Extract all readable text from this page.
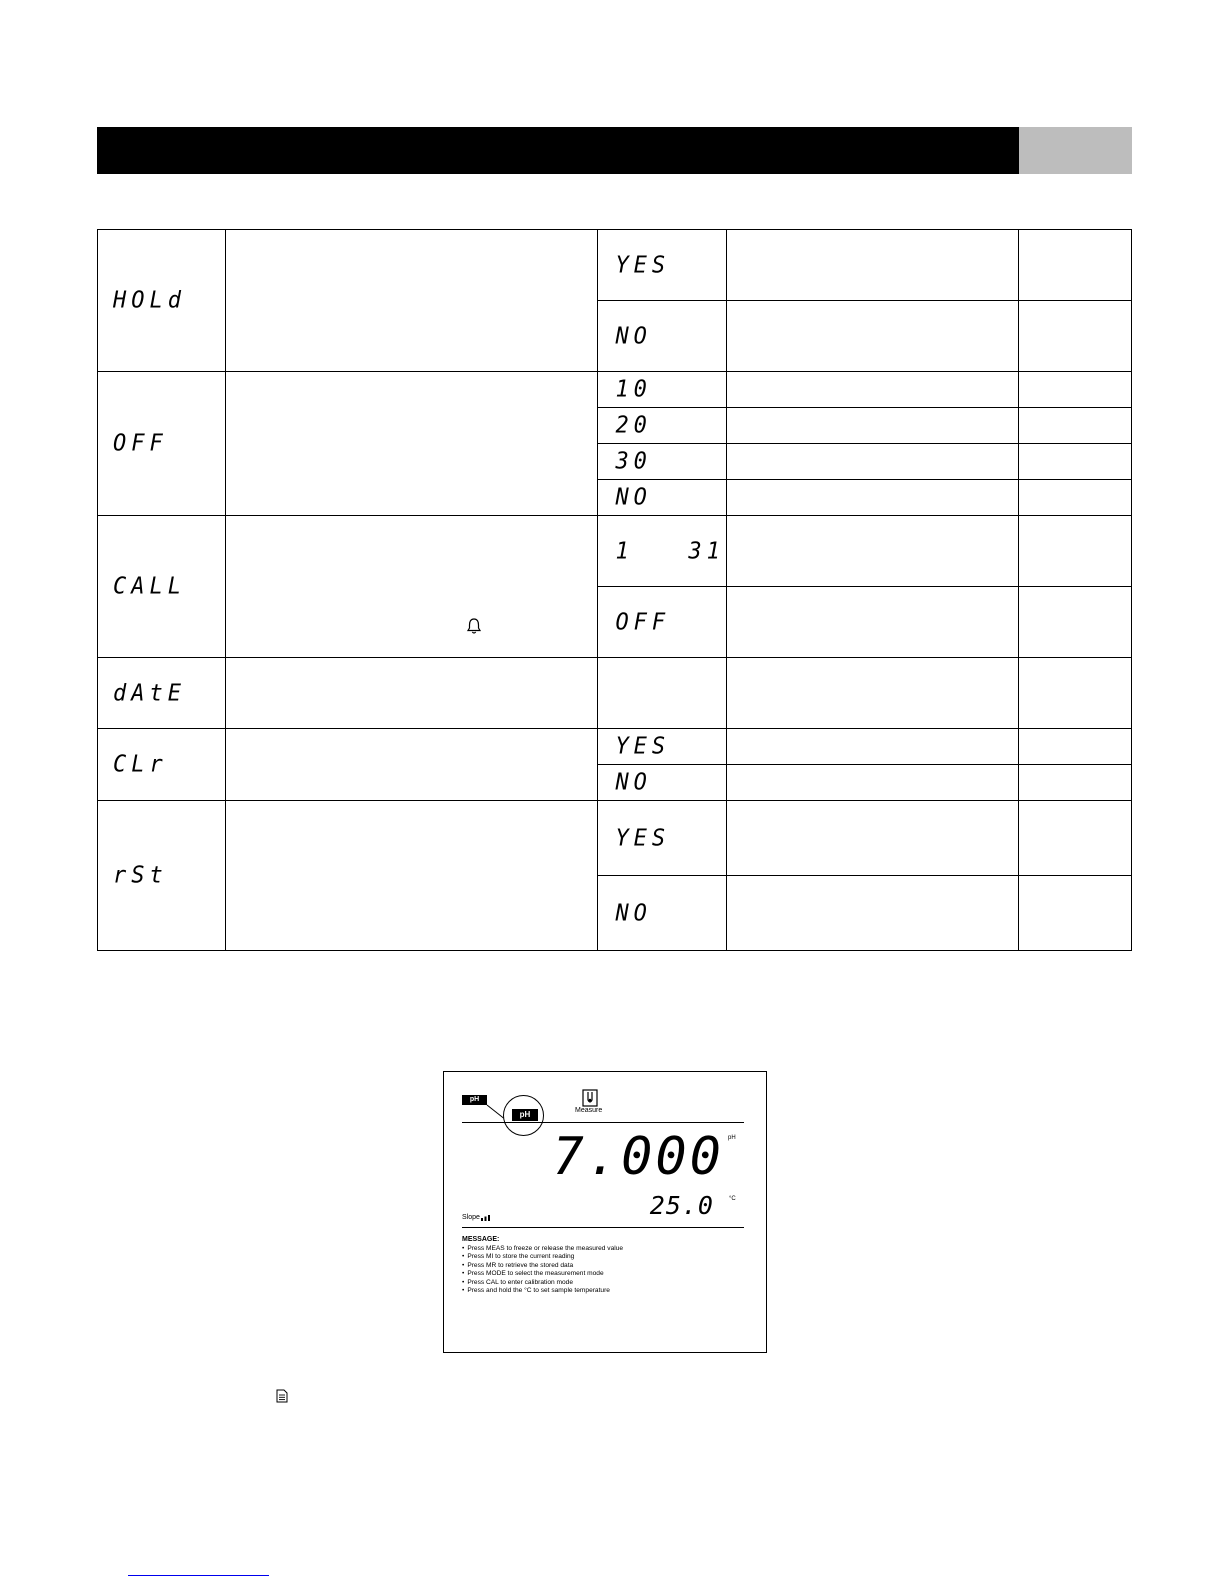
HOLd		YES		
		NO		
OFF		10		
		20		
		30		
		NO		
CALL		1   31		
		OFF		
dAtE				
CLr		YES		
		NO		
rSt		YES		
		NO		
pH
pH	Measure
7.000 pH
25.0	°C
Slope
MESSAGE:
• Press MEAS to freeze or release the measured value
• Press MI to store the current reading
• Press MR to retrieve the stored data
• Press MODE to select the measurement mode
• Press CAL to enter calibration mode
• Press and hold the °C to set sample temperature
